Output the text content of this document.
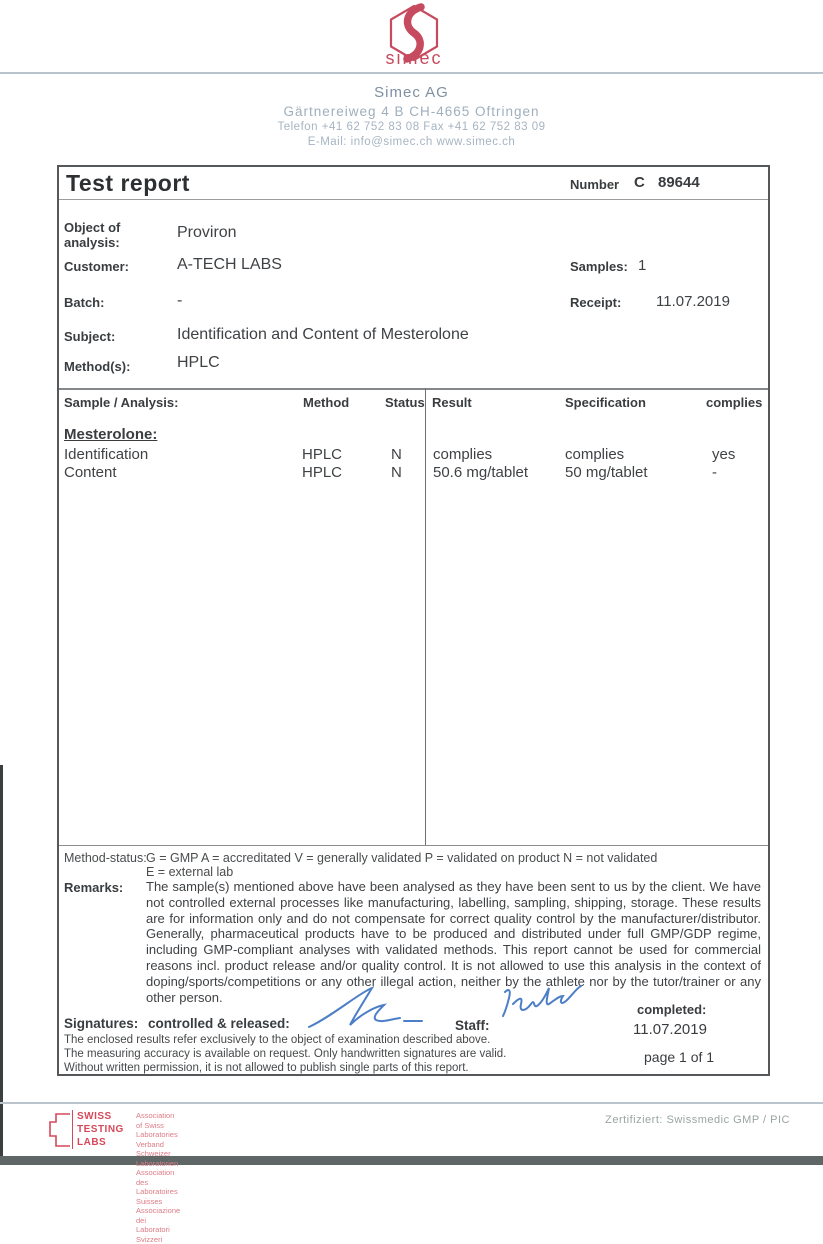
simec
Simec AG
Gärtnereiweg 4 B CH-4665 Oftringen
Telefon +41 62 752 83 08 Fax +41 62 752 83 09
E-Mail: info@simec.ch www.simec.ch
Test report	Number C 89644
Object of analysis:
Proviron
Customer:	A-TECH LABS	Samples: 1
Batch:	-	Receipt: 11.07.2019
Subject:	Identification and Content of Mesterolone
Method(s):	HPLC
Sample / Analysis:	Method	Status Result	Specification	complies
Mesterolone:
Identification	HPLC	N complies	complies	yes
Content	HPLC	N 50.6 mg/tablet 50 mg/tablet	-
Method-status: G = GMP A = accreditated V = generally validated P = validated on product N = not validated
E = external lab
Remarks: The sample(s) mentioned above have been analysed as they have been sent to us by the client. We have not controlled external processes like manufacturing, labelling, sampling, shipping, storage. These results are for information only and do not compensate for correct quality control by the manufacturer/distributor. Generally, pharmaceutical products have to be produced and distributed under full GMP/GDP regime, including GMP-compliant analyses with validated methods. This report cannot be used for commercial reasons incl. product release and/or quality control. It is not allowed to use this analysis in the context of doping/sports/competitions or any other illegal action, neither by the athlete nor by the tutor/trainer or any other person.
Signatures: controlled & released:	Staff:
completed:
11.07.2019
page 1 of 1
The enclosed results refer exclusively to the object of examination described above.
The measuring accuracy is available on request. Only handwritten signatures are valid.
Without written permission, it is not allowed to publish single parts of this report.
SWISS
TESTING
LABS
Association of Swiss Laboratories
Verband Schweizer Laboratorien
Association des Laboratoires Suisses
Associazione dei Laboratori Svizzeri
Zertifiziert: Swissmedic GMP / PIC
